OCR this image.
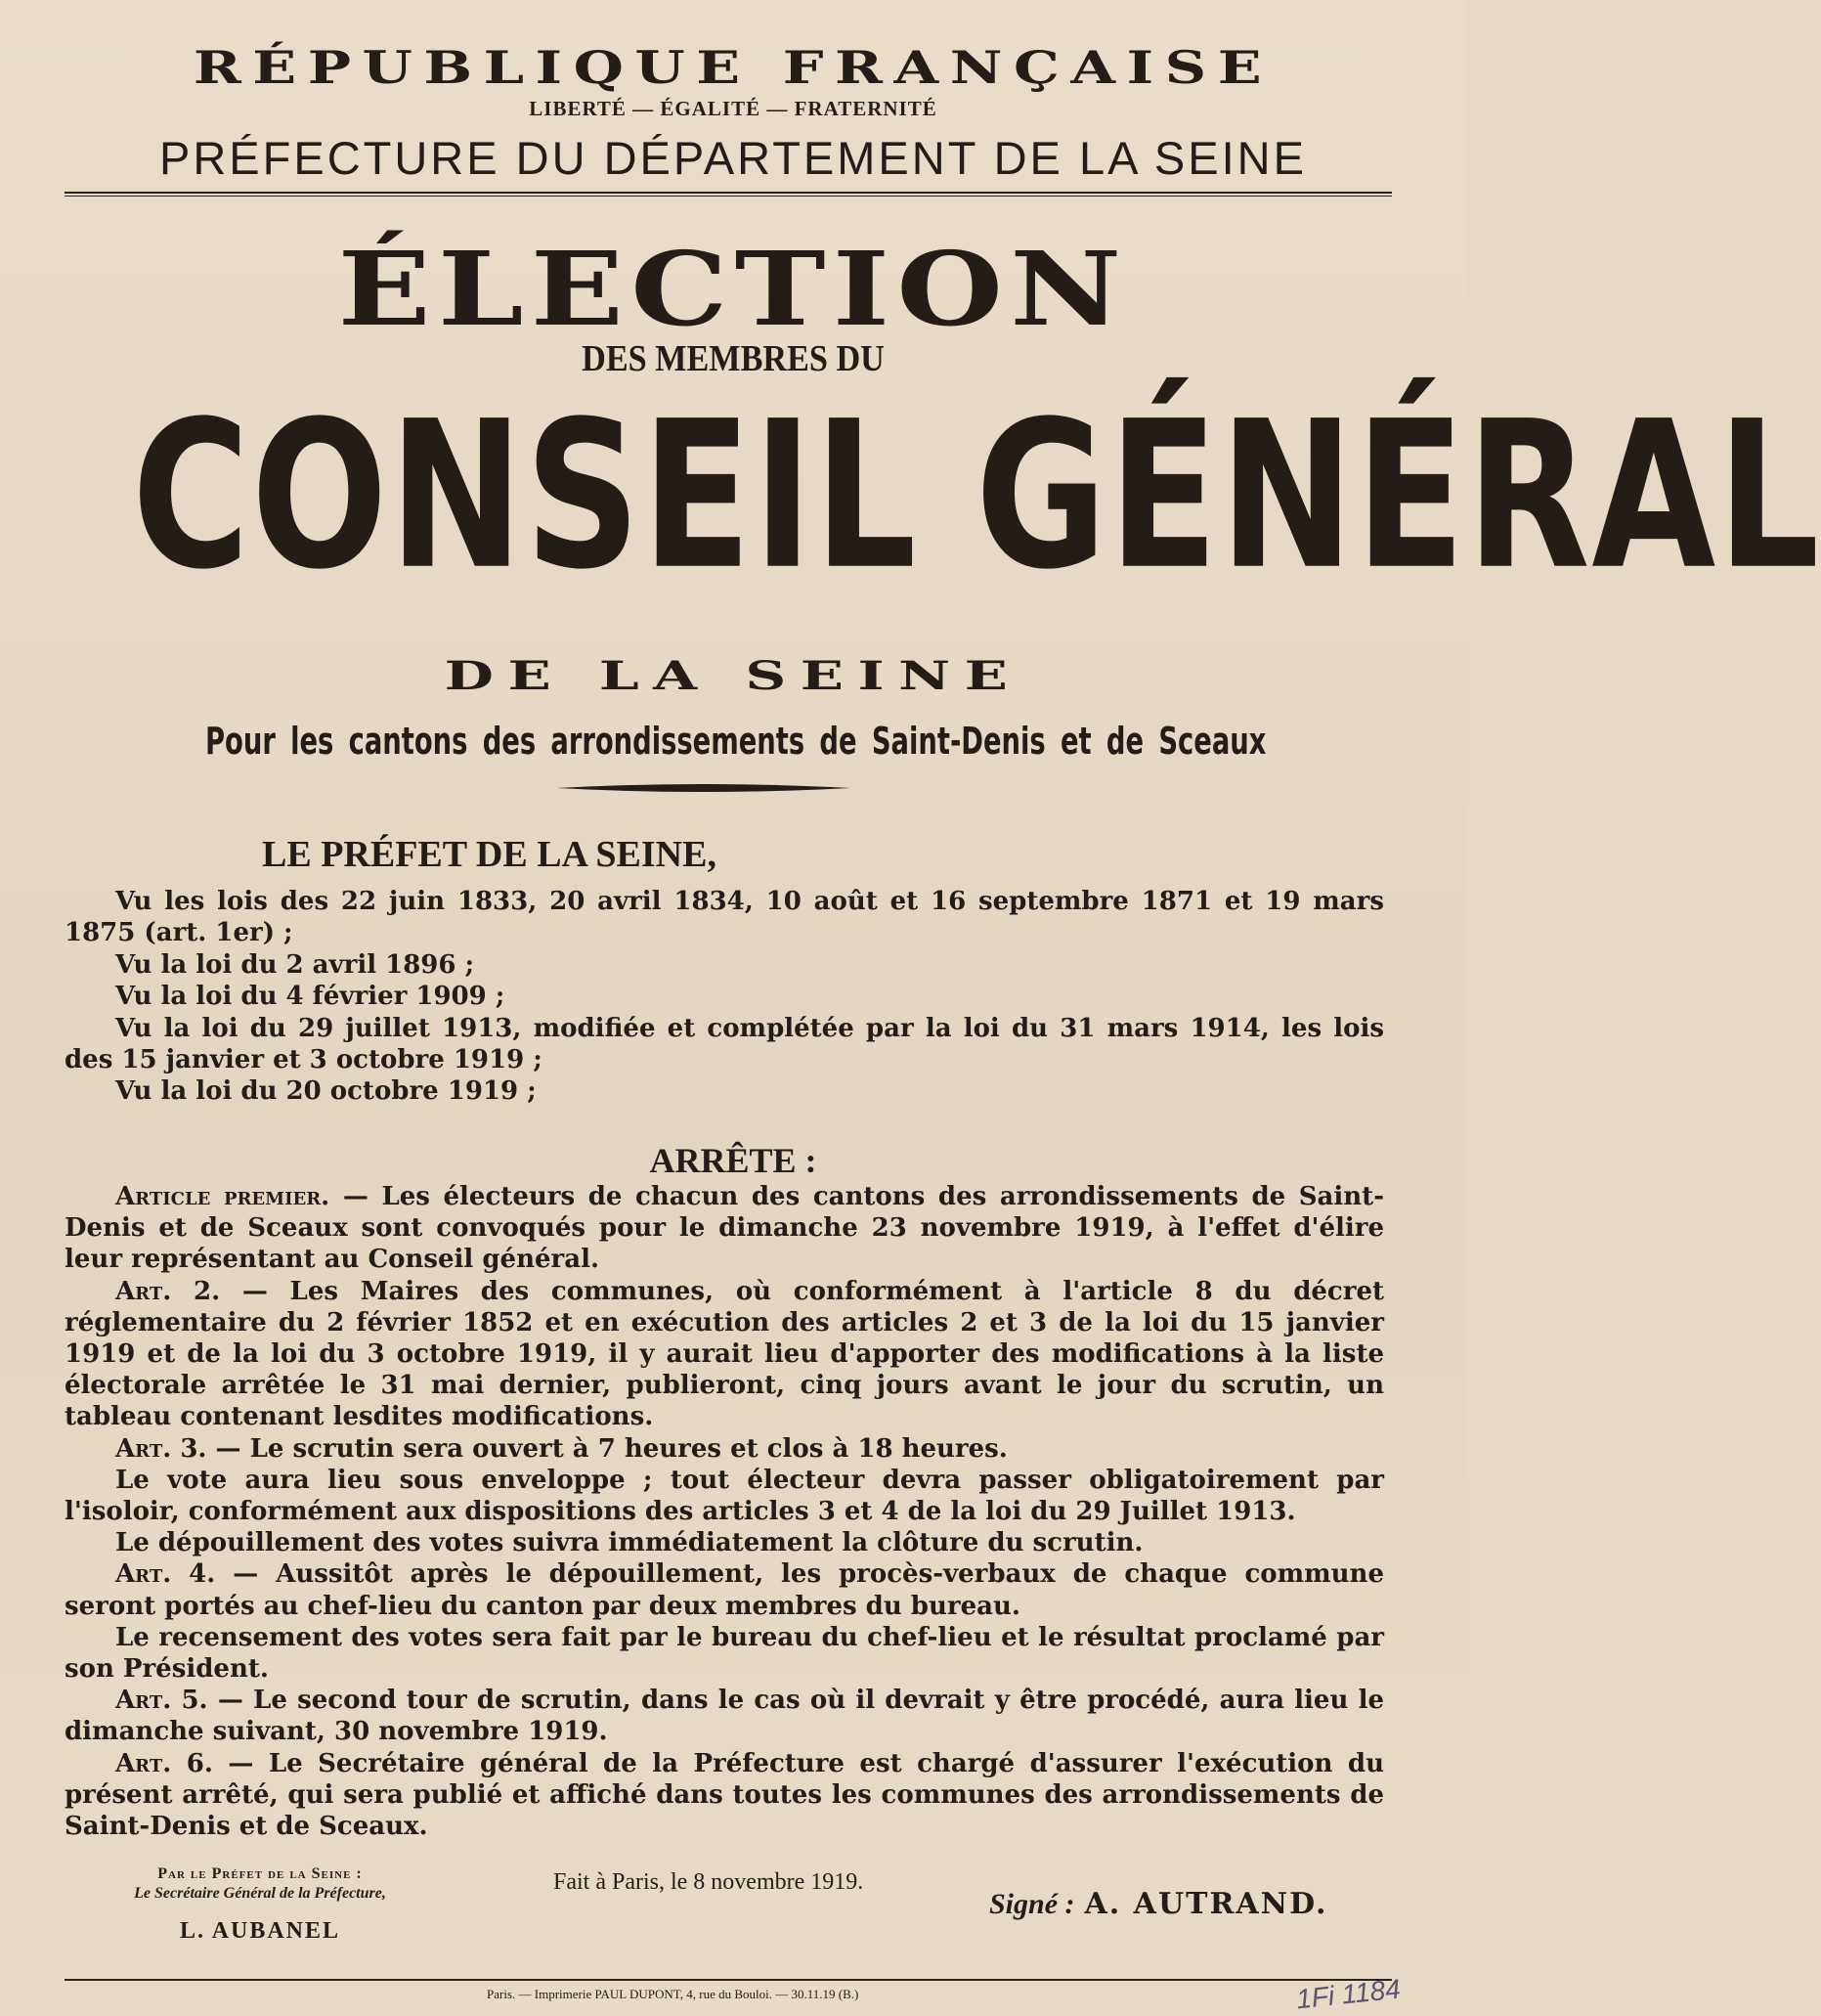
RÉPUBLIQUE FRANÇAISE
LIBERTÉ — ÉGALITÉ — FRATERNITÉ
PRÉFECTURE DU DÉPARTEMENT DE LA SEINE
ÉLECTION
DES MEMBRES DU
CONSEIL GÉNÉRAL
DE LA SEINE
Pour les cantons des arrondissements de Saint-Denis et de Sceaux
LE PRÉFET DE LA SEINE,

Vu les lois des 22 juin 1833, 20 avril 1834, 10 août et 16 septembre 1871 et 19 mars 1875 (art. 1er) ;

Vu la loi du 2 avril 1896 ;

Vu la loi du 4 février 1909 ;

Vu la loi du 29 juillet 1913, modifiée et complétée par la loi du 31 mars 1914, les lois des 15 janvier et 3 octobre 1919 ;

Vu la loi du 20 octobre 1919 ;

ARRÊTE :

Article premier. — Les électeurs de chacun des cantons des arrondissements de Saint-Denis et de Sceaux sont convoqués pour le dimanche 23 novembre 1919, à l'effet d'élire leur représentant au Conseil général.

Art. 2. — Les Maires des communes, où conformément à l'article 8 du décret réglementaire du 2 février 1852 et en exécution des articles 2 et 3 de la loi du 15 janvier 1919 et de la loi du 3 octobre 1919, il y aurait lieu d'apporter des modifications à la liste électorale arrêtée le 31 mai dernier, publieront, cinq jours avant le jour du scrutin, un tableau contenant lesdites modifications.

Art. 3. — Le scrutin sera ouvert à 7 heures et clos à 18 heures.

Le vote aura lieu sous enveloppe ; tout électeur devra passer obligatoirement par l'isoloir, conformément aux dispositions des articles 3 et 4 de la loi du 29 Juillet 1913.

Le dépouillement des votes suivra immédiatement la clôture du scrutin.

Art. 4. — Aussitôt après le dépouillement, les procès-verbaux de chaque commune seront portés au chef-lieu du canton par deux membres du bureau.

Le recensement des votes sera fait par le bureau du chef-lieu et le résultat proclamé par son Président.

Art. 5. — Le second tour de scrutin, dans le cas où il devrait y être procédé, aura lieu le dimanche suivant, 30 novembre 1919.

Art. 6. — Le Secrétaire général de la Préfecture est chargé d'assurer l'exécution du présent arrêté, qui sera publié et affiché dans toutes les communes des arrondissements de Saint-Denis et de Sceaux.

Par le Préfet de la Seine :
Le Secrétaire Général de la Préfecture,
L. AUBANEL
Fait à Paris, le 8 novembre 1919.
Signé : A. AUTRAND.
Paris. — Imprimerie PAUL DUPONT, 4, rue du Bouloi. — 30.11.19 (B.)	1Fi 1184
